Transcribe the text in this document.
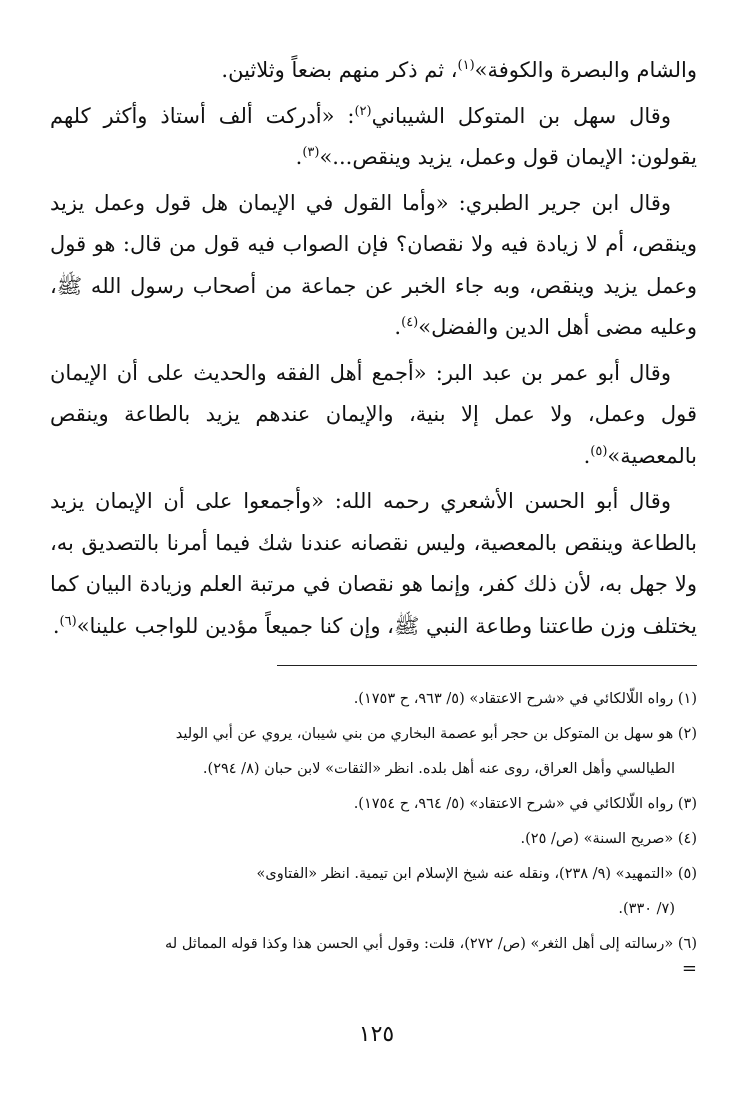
والشام والبصرة والكوفة»$^{(١)}$، ثم ذكر منهم بضعاً وثلاثين.

وقال سهل بن المتوكل الشيباني$^{(٢)}$: «أدركت ألف أستاذ وأكثر كلهم يقولون: الإيمان قول وعمل، يزيد وينقص...»$^{(٣)}$.

وقال ابن جرير الطبري: «وأما القول في الإيمان هل قول وعمل يزيد وينقص، أم لا زيادة فيه ولا نقصان؟ فإن الصواب فيه قول من قال: هو قول وعمل يزيد وينقص، وبه جاء الخبر عن جماعة من أصحاب رسول الله ﷺ، وعليه مضى أهل الدين والفضل»$^{(٤)}$.

وقال أبو عمر بن عبد البر: «أجمع أهل الفقه والحديث على أن الإيمان قول وعمل، ولا عمل إلا بنية، والإيمان عندهم يزيد بالطاعة وينقص بالمعصية»$^{(٥)}$.

وقال أبو الحسن الأشعري رحمه الله: «وأجمعوا على أن الإيمان يزيد بالطاعة وينقص بالمعصية، وليس نقصانه عندنا شك فيما أمرنا بالتصديق به، ولا جهل به، لأن ذلك كفر، وإنما هو نقصان في مرتبة العلم وزيادة البيان كما يختلف وزن طاعتنا وطاعة النبي ﷺ، وإن كنا جميعاً مؤدين للواجب علينا»$^{(٦)}$.

(١) رواه اللّالكائي في «شرح الاعتقاد» (٥/ ٩٦٣، ح ١٧٥٣).
(٢) هو سهل بن المتوكل بن حجر أبو عصمة البخاري من بني شيبان، يروي عن أبي الوليد
الطيالسي وأهل العراق، روى عنه أهل بلده. انظر «الثقات» لابن حبان (٨/ ٢٩٤).
(٣) رواه اللّالكائي في «شرح الاعتقاد» (٥/ ٩٦٤، ح ١٧٥٤).
(٤) «صريح السنة» (ص/ ٢٥).
(٥) «التمهيد» (٩/ ٢٣٨)، ونقله عنه شيخ الإسلام ابن تيمية. انظر «الفتاوى»
(٧/ ٣٣٠).
(٦) «رسالته إلى أهل الثغر» (ص/ ٢٧٢)، قلت: وقول أبي الحسن هذا وكذا قوله المماثل له
=
١٢٥
